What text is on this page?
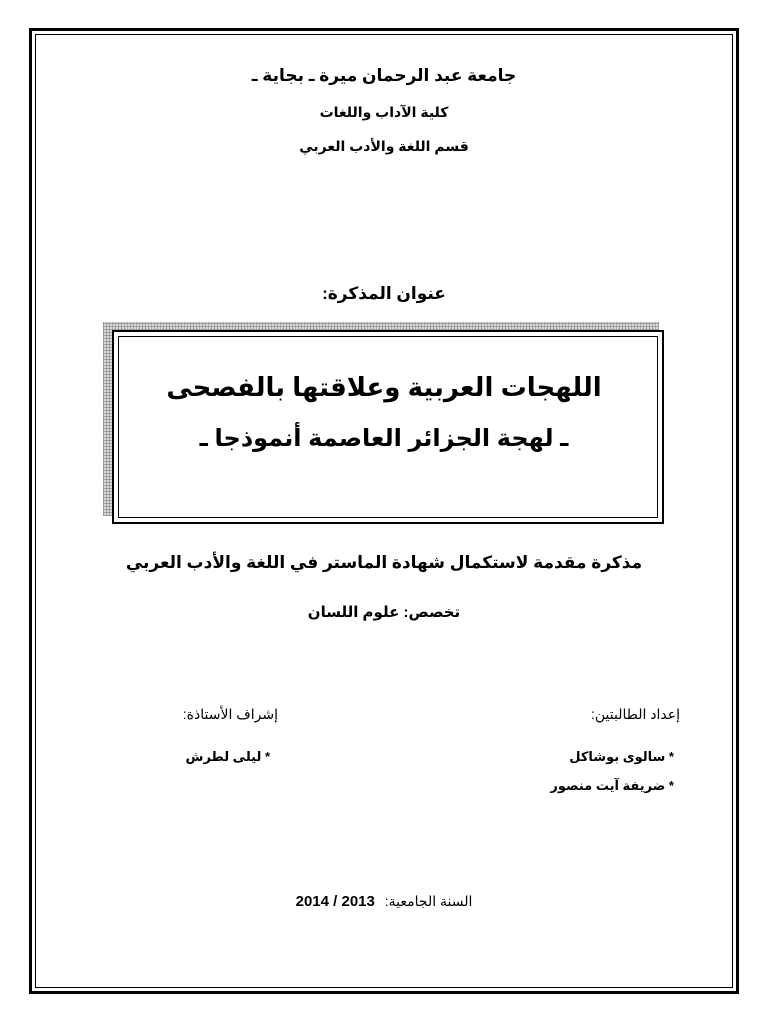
جامعة عبد الرحمان ميرة ـ بجاية ـ
كلية الآداب واللغات
قسم اللغة والأدب العربي
عنوان المذكرة:
اللهجات العربية وعلاقتها بالفصحى
ـ لهجة الجزائر العاصمة أنموذجا ـ
مذكرة مقدمة لاستكمال شهادة الماستر في اللغة والأدب العربي
تخصص: علوم اللسان
إعداد الطالبتين:
إشراف الأستاذة:
* سالوى بوشاكل
* ضريفة آيت منصور
* ليلى لطرش
السنة الجامعية: 2014 / 2013
